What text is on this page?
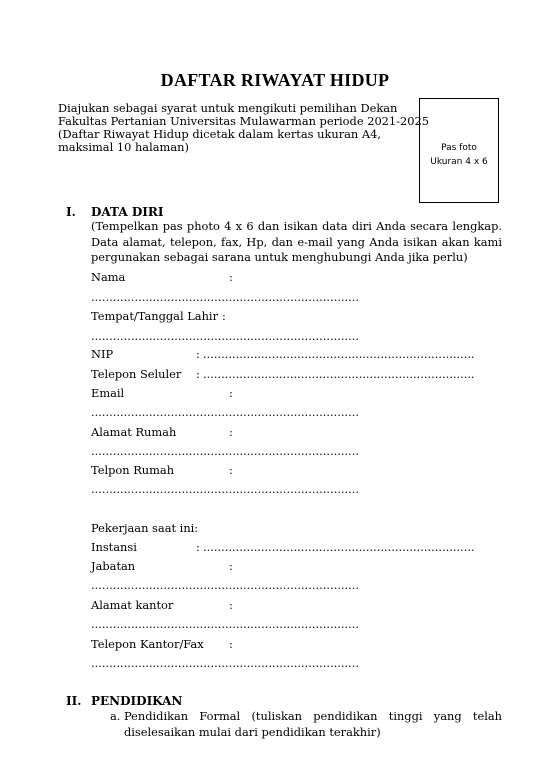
DAFTAR RIWAYAT HIDUP
Diajukan sebagai syarat untuk mengikuti pemilihan Dekan
Fakultas Pertanian Universitas Mulawarman periode 2021-2025
(Daftar Riwayat Hidup dicetak dalam kertas ukuran A4,
maksimal 10 halaman)	Pas foto
Ukuran 4 x 6
I. DATA DIRI
(Tempelkan pas photo 4 x 6 dan isikan data diri Anda secara lengkap. Data alamat, telepon, fax, Hp, dan e-mail yang Anda isikan akan kami pergunakan sebagai sarana untuk menghubungi Anda jika perlu)
Nama	:
..........................................................................
Tempat/Tanggal Lahir :
..........................................................................
NIP	: ...........................................................................
Telepon Seluler : ...........................................................................
Email	:
..........................................................................
Alamat Rumah	:
..........................................................................
Telpon Rumah	:
..........................................................................
Pekerjaan saat ini:
Instansi	: ...........................................................................
Jabatan	:
..........................................................................
Alamat kantor	:
..........................................................................
Telepon Kantor/Fax :
..........................................................................
II. PENDIDIKAN
a. Pendidikan Formal (tuliskan pendidikan tinggi yang telah diselesaikan mulai dari pendidikan terakhir)
